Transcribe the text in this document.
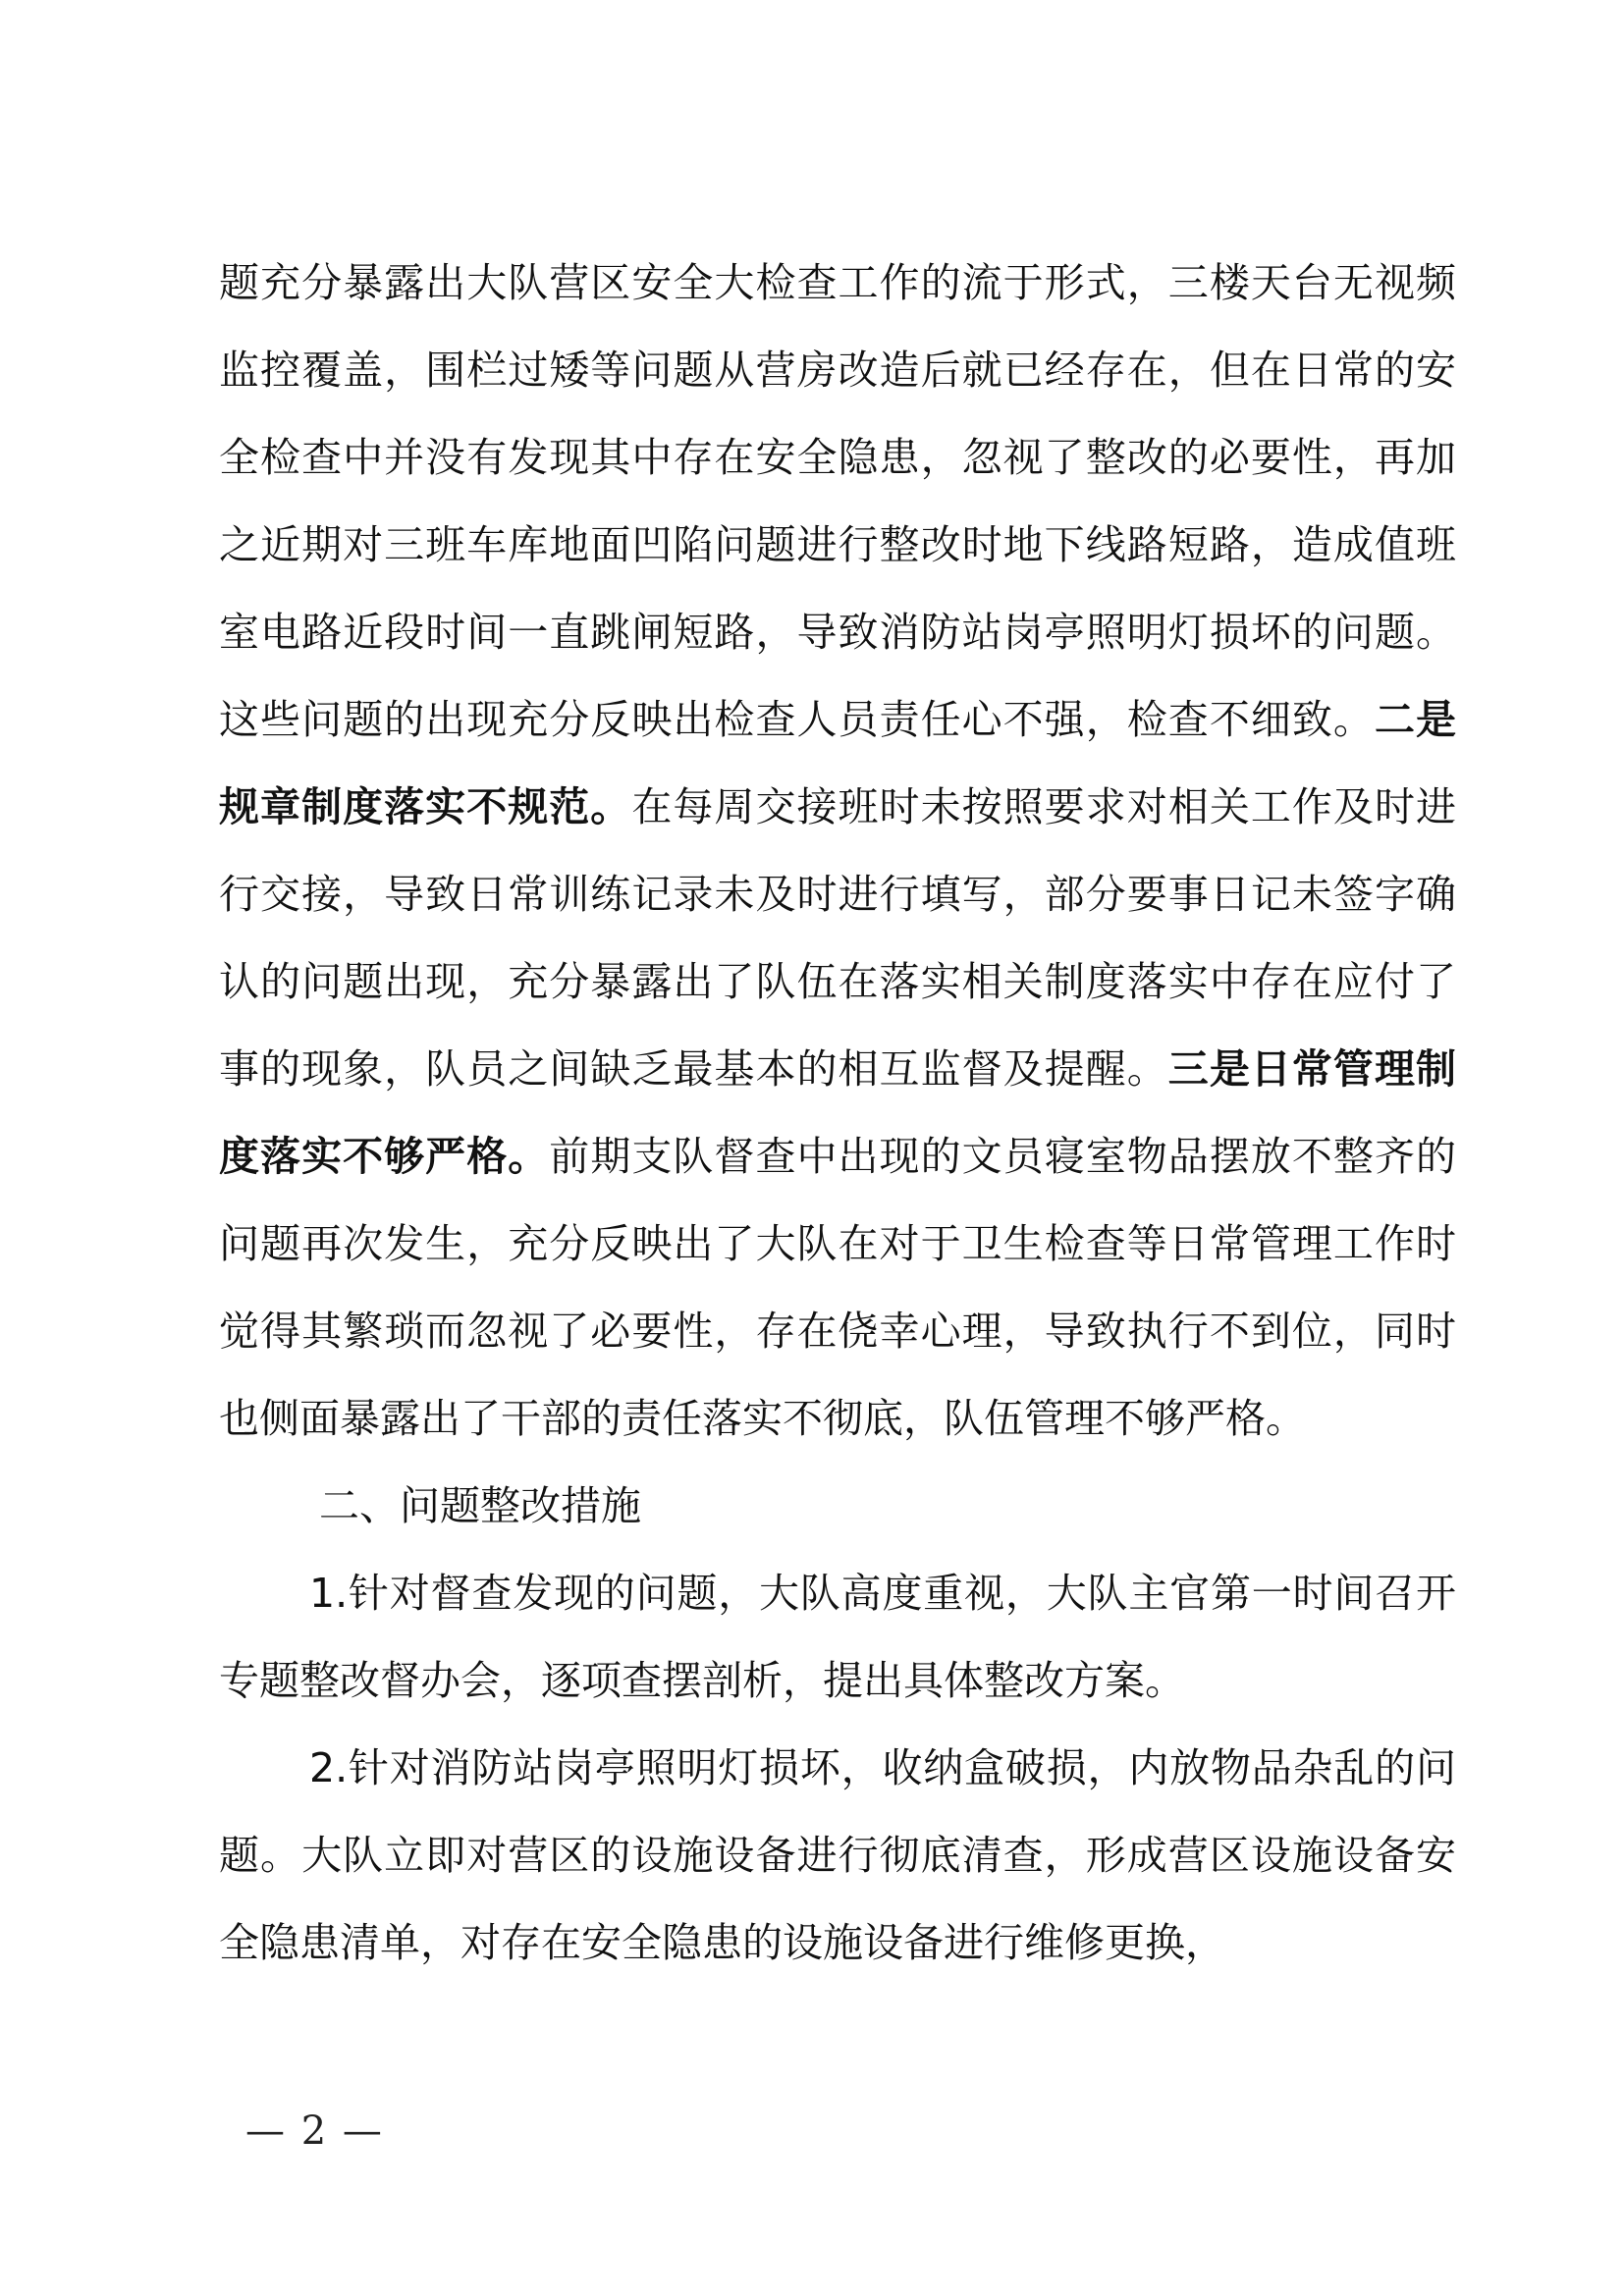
题充分暴露出大队营区安全大检查工作的流于形式，三楼天台无视频监控覆盖，围栏过矮等问题从营房改造后就已经存在，但在日常的安全检查中并没有发现其中存在安全隐患，忽视了整改的必要性，再加之近期对三班车库地面凹陷问题进行整改时地下线路短路，造成值班室电路近段时间一直跳闸短路，导致消防站岗亭照明灯损坏的问题。这些问题的出现充分反映出检查人员责任心不强，检查不细致。二是规章制度落实不规范。在每周交接班时未按照要求对相关工作及时进行交接，导致日常训练记录未及时进行填写，部分要事日记未签字确认的问题出现，充分暴露出了队伍在落实相关制度落实中存在应付了事的现象，队员之间缺乏最基本的相互监督及提醒。三是日常管理制度落实不够严格。前期支队督查中出现的文员寝室物品摆放不整齐的问题再次发生，充分反映出了大队在对于卫生检查等日常管理工作时觉得其繁琐而忽视了必要性，存在侥幸心理，导致执行不到位，同时也侧面暴露出了干部的责任落实不彻底，队伍管理不够严格。

二、问题整改措施

1.针对督查发现的问题，大队高度重视，大队主官第一时间召开专题整改督办会，逐项查摆剖析，提出具体整改方案。

2.针对消防站岗亭照明灯损坏，收纳盒破损，内放物品杂乱的问题。大队立即对营区的设施设备进行彻底清查，形成营区设施设备安全隐患清单，对存在安全隐患的设施设备进行维修更换，

— 2 —
